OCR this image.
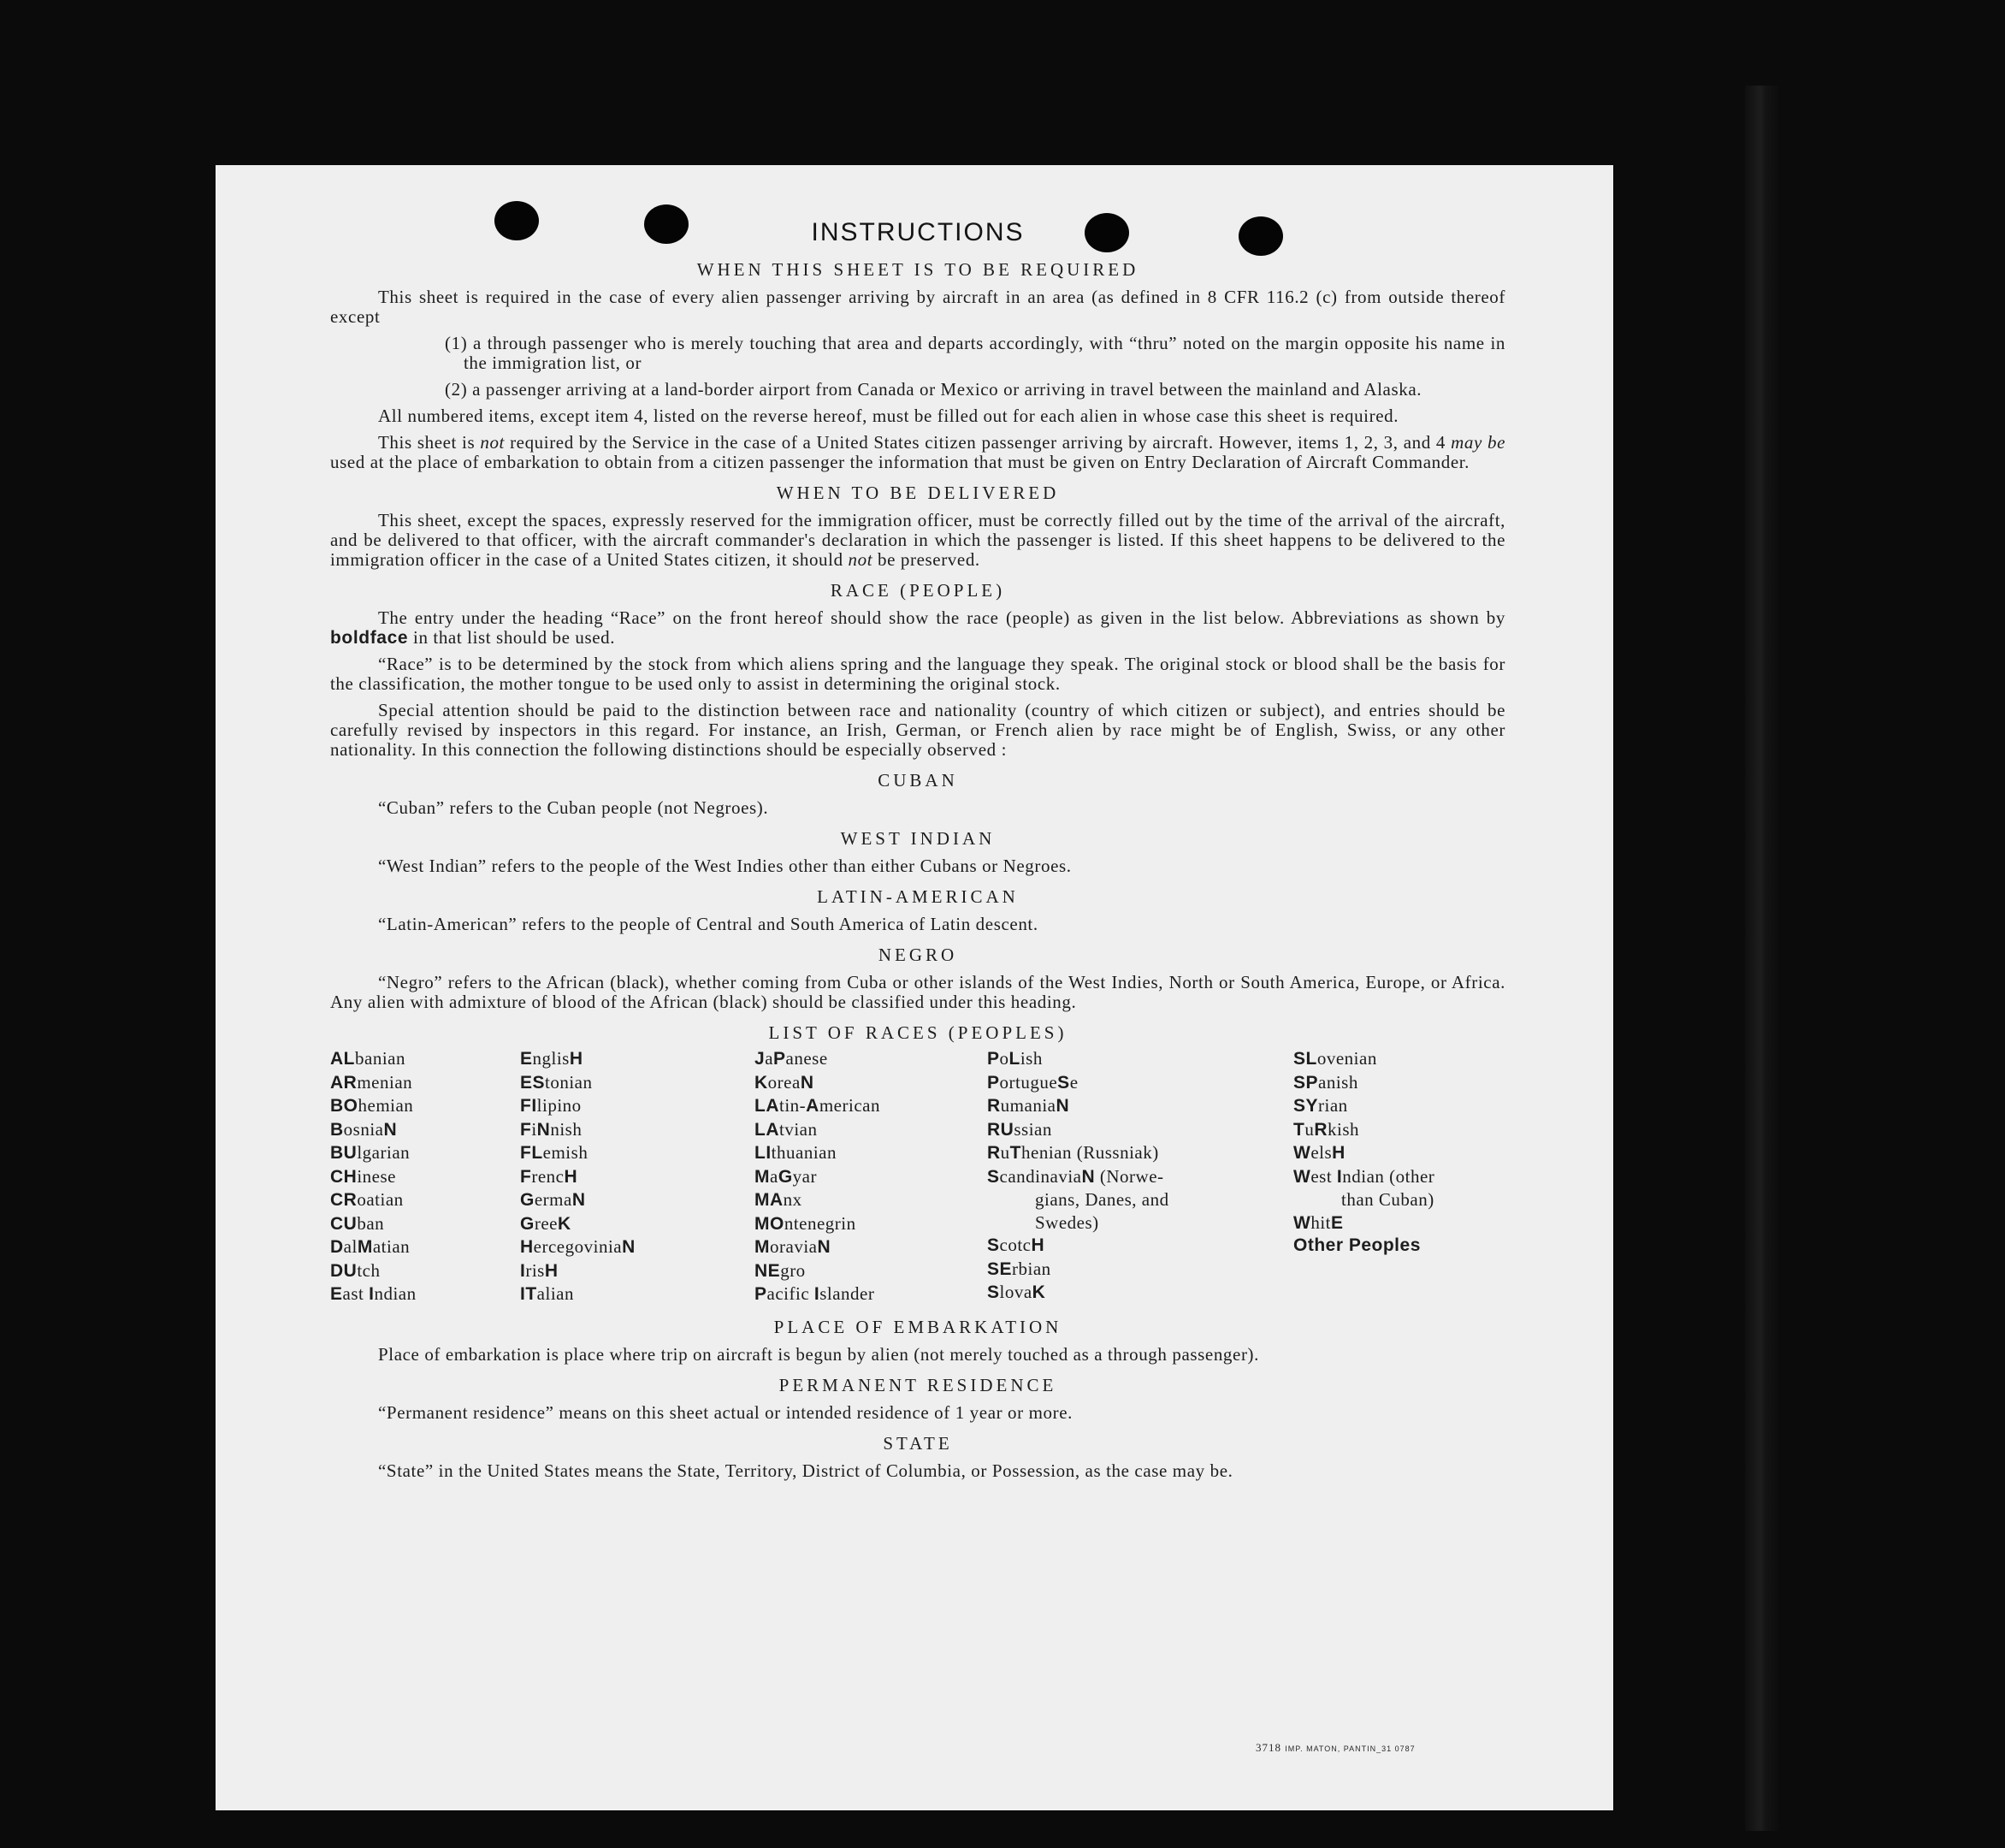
INSTRUCTIONS
WHEN THIS SHEET IS TO BE REQUIRED

This sheet is required in the case of every alien passenger arriving by aircraft in an area (as defined in 8 CFR 116.2 (c) from outside thereof except

(1) a through passenger who is merely touching that area and departs accordingly, with “thru” noted on the margin opposite his name in the immigration list, or

(2) a passenger arriving at a land-border airport from Canada or Mexico or arriving in travel between the mainland and Alaska.

All numbered items, except item 4, listed on the reverse hereof, must be filled out for each alien in whose case this sheet is required.

This sheet is not required by the Service in the case of a United States citizen passenger arriving by aircraft. However, items 1, 2, 3, and 4 may be used at the place of embarkation to obtain from a citizen passenger the information that must be given on Entry Declaration of Aircraft Commander.

WHEN TO BE DELIVERED

This sheet, except the spaces, expressly reserved for the immigration officer, must be correctly filled out by the time of the arrival of the aircraft, and be delivered to that officer, with the aircraft commander's declaration in which the passenger is listed. If this sheet happens to be delivered to the immigration officer in the case of a United States citizen, it should not be preserved.

RACE (PEOPLE)

The entry under the heading “Race” on the front hereof should show the race (people) as given in the list below. Abbreviations as shown by boldface in that list should be used.

“Race” is to be determined by the stock from which aliens spring and the language they speak. The original stock or blood shall be the basis for the classification, the mother tongue to be used only to assist in determining the original stock.

Special attention should be paid to the distinction between race and nationality (country of which citizen or subject), and entries should be carefully revised by inspectors in this regard. For instance, an Irish, German, or French alien by race might be of English, Swiss, or any other nationality. In this connection the following distinctions should be especially observed :

CUBAN

“Cuban” refers to the Cuban people (not Negroes).

WEST INDIAN

“West Indian” refers to the people of the West Indies other than either Cubans or Negroes.

LATIN-AMERICAN

“Latin-American” refers to the people of Central and South America of Latin descent.

NEGRO

“Negro” refers to the African (black), whether coming from Cuba or other islands of the West Indies, North or South America, Europe, or Africa. Any alien with admixture of blood of the African (black) should be classified under this heading.

LIST OF RACES (PEOPLES)
ALbanian
ARmenian
BOhemian
BosniaN
BUlgarian
CHinese
CRoatian
CUban
DalMatian
DUtch
East Indian
EnglisH
EStonian
FIlipino
FiNnish
FLemish
FrencH
GermaN
GreeK
HercegoviniaN
IrisH
ITalian
JaPanese
KoreaN
LAtin-American
LAtvian
LIthuanian
MaGyar
MAnx
MOntenegrin
MoraviaN
NEgro
Pacific Islander
PoLish
PortugueSe
RumaniaN
RUssian
RuThenian (Russniak)
ScandinaviaN (Norwe-
gians, Danes, and
Swedes)
ScotcH
SErbian
SlovaK
SLovenian
SPanish
SYrian
TuRkish
WelsH
West Indian (other
than Cuban)
WhitE
Other Peoples
PLACE OF EMBARKATION

Place of embarkation is place where trip on aircraft is begun by alien (not merely touched as a through passenger).

PERMANENT RESIDENCE

“Permanent residence” means on this sheet actual or intended residence of 1 year or more.

STATE

“State” in the United States means the State, Territory, District of Columbia, or Possession, as the case may be.

3718 IMP. MATON, PANTIN_31 0787
